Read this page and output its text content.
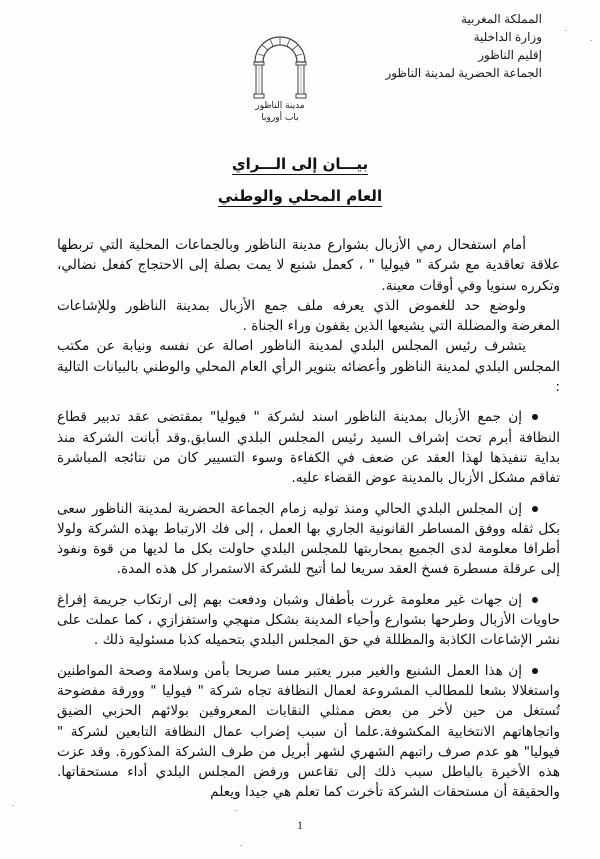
المملكة المغربية
وزارة الداخلية
إقليم الناظور
الجماعة الحضرية لمدينة الناظور
مدينة الناظور
باب أوروبا
بيـــان إلى الـــراي
العام المحلي والوطني

أمام استفحال رمي الأزبال بشوارع مدينة الناظور وبالجماعات المحلية التي تربطها علاقة تعاقدية مع شركة " فيوليا " ، كعمل شنيع لا يمت بصلة إلى الاحتجاج كفعل نضالي، وتكرره سنويا وفي أوقات معينة.

ولوضع حد للغموض الذي يعرفه ملف جمع الأزبال بمدينة الناظور وللإشاعات المغرضة والمضللة التي يشيعها الذين يقفون وراء الجناة .

يتشرف رئيس المجلس البلدي لمدينة الناظور اصالة عن نفسه ونيابة عن مكتب المجلس البلدي لمدينة الناظور وأعضائه بتنوير الرأي العام المحلي والوطني بالبيانات التالية :

إن جمع الأزبال بمدينة الناظور اسند لشركة " فيوليا" بمقتضى عقد تدبير قطاع النظافة أبرم تحت إشراف السيد رئيس المجلس البلدي السابق.وقد أبانت الشركة منذ بداية تنفيذها لهذا العقد عن ضعف في الكفاءة وسوء التسيير كان من نتائجه المباشرة تفاقم مشكل الأزبال بالمدينة عوض القضاء عليه.

إن المجلس البلدي الحالي ومنذ توليه زمام الجماعة الحضرية لمدينة الناظور سعى بكل ثقله ووفق المساطر القانونية الجاري بها العمل ، إلى فك الارتباط بهذه الشركة ولولا أطرافا معلومة لدى الجميع بمحاربتها للمجلس البلدي حاولت بكل ما لديها من قوة ونفوذ إلى عرقلة مسطرة فسخ العقد سريعا لما أتيح للشركة الاستمرار كل هذه المدة.

إن جهات غير معلومة غررت بأطفال وشبان ودفعت بهم إلى ارتكاب جريمة إفراغ حاويات الأزبال وطرحها بشوارع وأحياء المدينة بشكل منهجي واستفزازي ، كما عملت على نشر الإشاعات الكاذبة والمظللة في حق المجلس البلدي بتحميله كذبا مسئولية ذلك .

إن هذا العمل الشنيع والغير مبرر يعتبر مسا صريحا بأمن وسلامة وصحة المواطنين واستغلالا بشعا للمطالب المشروعة لعمال النظافة تجاه شركة " فيوليا " وورقة مفضوحة تُستغل من حين لأخر من بعض ممثلي النقابات المعروفين بولائهم الحزبي الضيق واتجاهاتهم الانتخابية المكشوفة.علما أن سبب إضراب عمال النظافة التابعين لشركة " فيوليا" هو عدم صرف راتبهم الشهري لشهر أبريل من طرف الشركة المذكورة. وقد عزت هذه الأخيرة بالباطل سبب ذلك إلى تقاعس ورفض المجلس البلدي أداء مستحقاتها. والحقيقة أن مستحقات الشركة تأخرت كما تعلم هي جيدا ويعلم

1
